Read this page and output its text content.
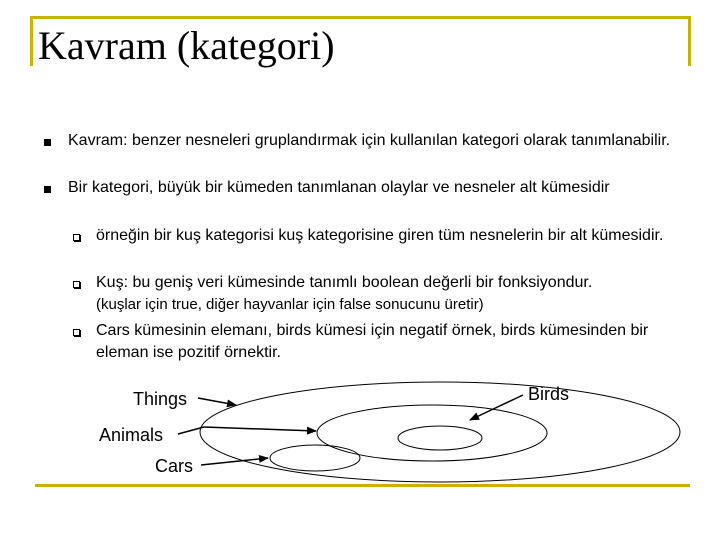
Kavram (kategori)
Kavram: benzer nesneleri gruplandırmak için kullanılan kategori olarak tanımlanabilir.
Bir kategori, büyük bir kümeden tanımlanan olaylar ve nesneler alt kümesidir
örneğin bir kuş kategorisi kuş kategorisine giren tüm nesnelerin bir alt kümesidir.
Kuş: bu geniş veri kümesinde tanımlı boolean değerli bir fonksiyondur.
(kuşlar için true, diğer hayvanlar için false sonucunu üretir)
Cars kümesinin elemanı, birds kümesi için negatif örnek, birds kümesinden bir eleman ise pozitif örnektir.
Things
Animals
Cars
Birds
